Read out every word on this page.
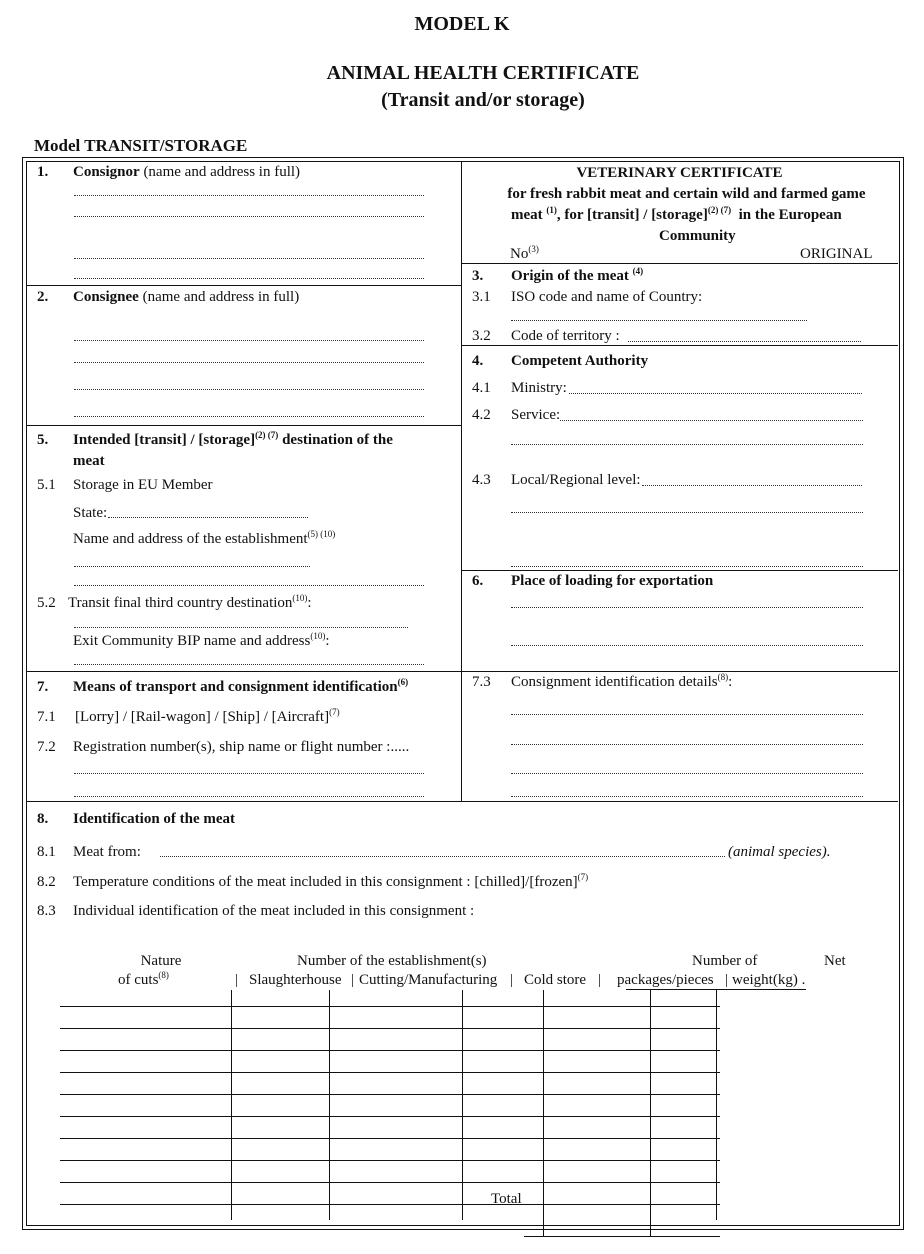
MODEL K
ANIMAL HEALTH CERTIFICATE
(Transit and/or storage)
Model TRANSIT/STORAGE
1. Consignor (name and address in full)
2. Consignee (name and address in full)
VETERINARY CERTIFICATE
for fresh rabbit meat and certain wild and farmed game
meat $^{(1)}$, for [transit] / [storage]$^{(2) (7)}$ in the European
Community
No$^{(3)}$	ORIGINAL
3. Origin of the meat $^{(4)}$
3.1 ISO code and name of Country:
3.2 Code of territory :
4. Competent Authority
4.1 Ministry:
4.2 Service:
4.3 Local/Regional level:
5. Intended [transit] / [storage]$^{(2) (7)}$ destination of the
meat
5.1 Storage in EU Member
State:
Name and address of the establishment$^{(5) (10)}$
5.2 Transit final third country destination$^{(10)}$:
Exit Community BIP name and address$^{(10)}$:
6. Place of loading for exportation
7. Means of transport and consignment identification$^{(6)}$
7.1 [Lorry] / [Rail-wagon] / [Ship] / [Aircraft]$^{(7)}$
7.2 Registration number(s), ship name or flight number :.....
7.3 Consignment identification details$^{(8)}$:
8. Identification of the meat
8.1 Meat from:	(animal species).
8.2 Temperature conditions of the meat included in this consignment : [chilled]/[frozen]$^{(7)}$
8.3 Individual identification of the meat included in this consignment :
Nature
of cuts$^{(8)}$
Number of the establishment(s)	Number of	Net
| Slaughterhouse | Cutting/Manufacturing | Cold store | packages/pieces | weight(kg) .
Total
